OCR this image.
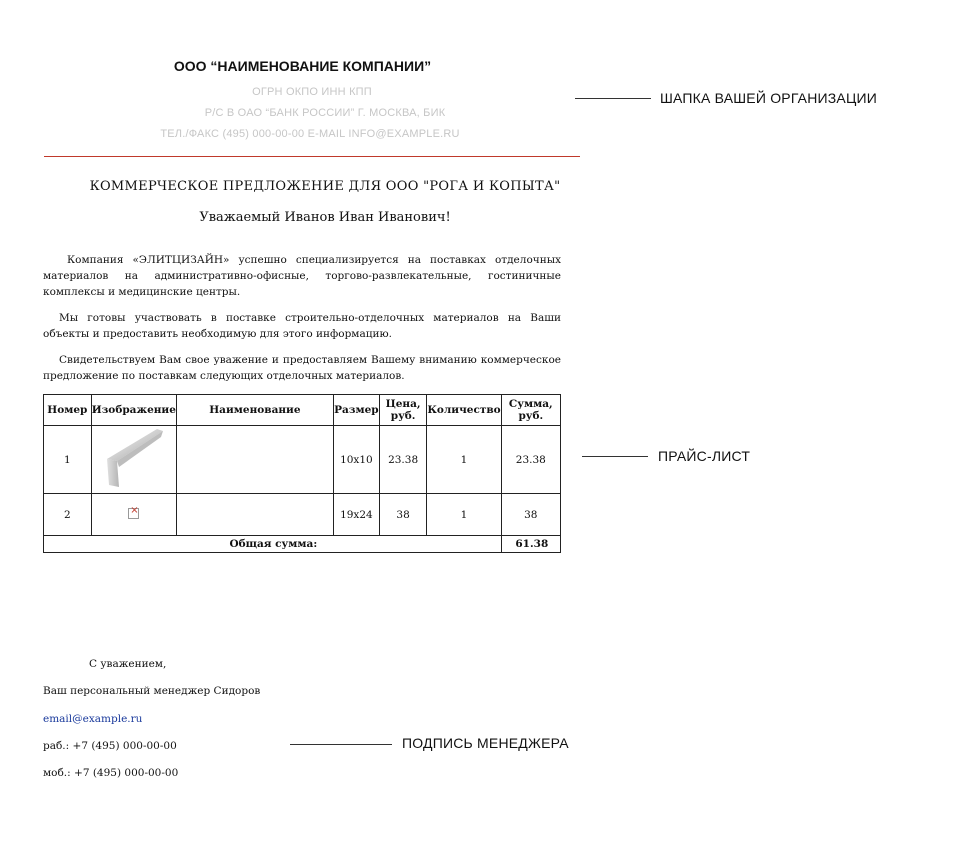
ООО “НАИМЕНОВАНИЕ КОМПАНИИ”
ОГРН ОКПО ИНН КПП
Р/С В ОАО “БАНК РОССИИ” Г. МОСКВА, БИК
ТЕЛ./ФАКС (495) 000-00-00 E-MAIL INFO@EXAMPLE.RU
ШАПКА ВАШЕЙ ОРГАНИЗАЦИИ
ПРАЙС-ЛИСТ
ПОДПИСЬ МЕНЕДЖЕРА
КОММЕРЧЕСКОЕ ПРЕДЛОЖЕНИЕ ДЛЯ ООО "РОГА И КОПЫТА"
Уважаемый Иванов Иван Иванович!
Компания «ЭЛИТЦИЗАЙН» успешно специализируется на поставках отделочных материалов на административно-офисные, торгово-развлекательные, гостиничные комплексы и медицинские центры.
Мы готовы участвовать в поставке строительно-отделочных материалов на Ваши объекты и предоставить необходимую для этого информацию.
Свидетельствуем Вам свое уважение и предоставляем Вашему вниманию коммерческое предложение по поставкам следующих отделочных материалов.
Номер	Изображение	Наименование	Размер	Цена, руб.	Количество	Сумма, руб.
1			10x10	23.38	1	23.38
2	×		19x24	38	1	38
Общая сумма:						61.38
С уважением,
Ваш персональный менеджер Сидоров
email@example.ru
раб.: +7 (495) 000-00-00
моб.: +7 (495) 000-00-00
